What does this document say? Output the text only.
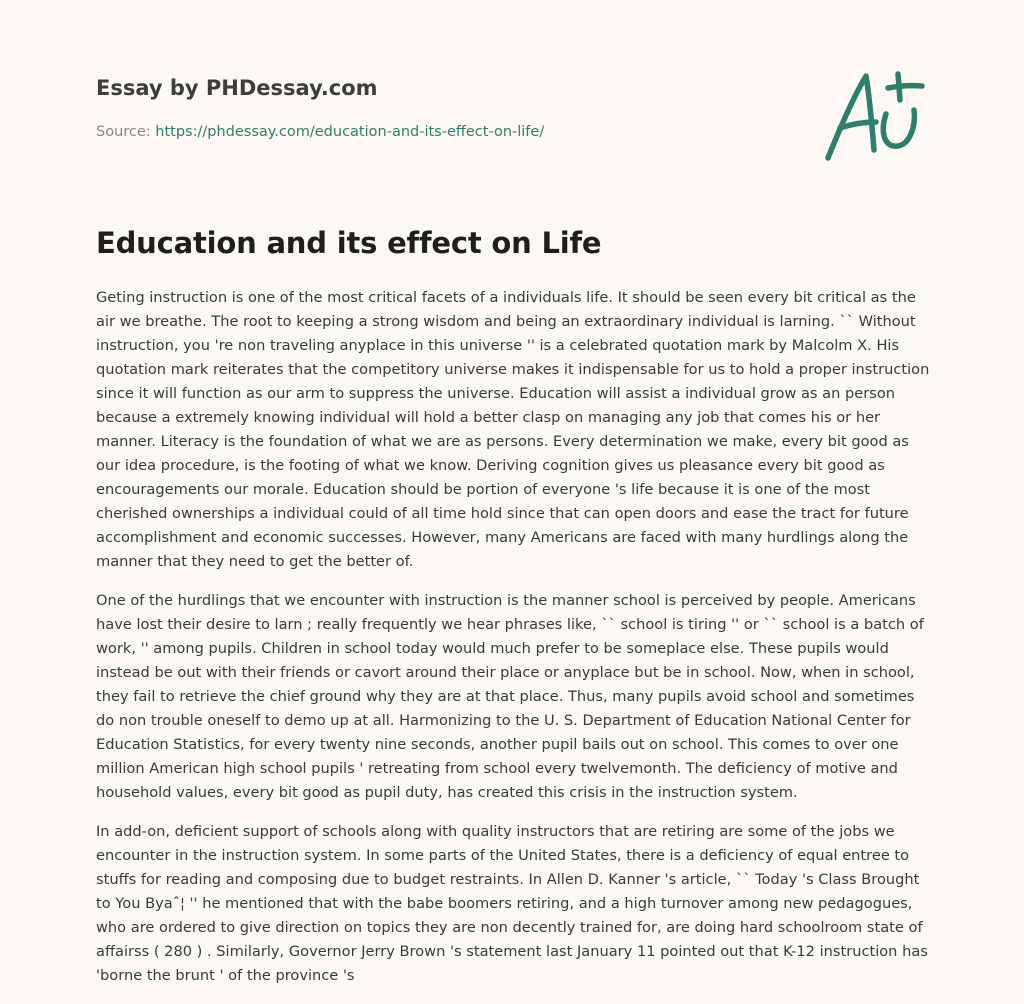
Essay by PHDessay.com
Source: https://phdessay.com/education-and-its-effect-on-life/
Education and its effect on Life

Geting instruction is one of the most critical facets of a individuals life. It should be seen every bit critical as the air we breathe. The root to keeping a strong wisdom and being an extraordinary individual is larning. `` Without instruction, you 're non traveling anyplace in this universe '' is a celebrated quotation mark by Malcolm X. His quotation mark reiterates that the competitory universe makes it indispensable for us to hold a proper instruction since it will function as our arm to suppress the universe. Education will assist a individual grow as an person because a extremely knowing individual will hold a better clasp on managing any job that comes his or her manner. Literacy is the foundation of what we are as persons. Every determination we make, every bit good as our idea procedure, is the footing of what we know. Deriving cognition gives us pleasance every bit good as encouragements our morale. Education should be portion of everyone 's life because it is one of the most cherished ownerships a individual could of all time hold since that can open doors and ease the tract for future accomplishment and economic successes. However, many Americans are faced with many hurdlings along the manner that they need to get the better of.

One of the hurdlings that we encounter with instruction is the manner school is perceived by people. Americans have lost their desire to larn ; really frequently we hear phrases like, `` school is tiring '' or `` school is a batch of work, '' among pupils. Children in school today would much prefer to be someplace else. These pupils would instead be out with their friends or cavort around their place or anyplace but be in school. Now, when in school, they fail to retrieve the chief ground why they are at that place. Thus, many pupils avoid school and sometimes do non trouble oneself to demo up at all. Harmonizing to the U. S. Department of Education National Center for Education Statistics, for every twenty nine seconds, another pupil bails out on school. This comes to over one million American high school pupils ' retreating from school every twelvemonth. The deficiency of motive and household values, every bit good as pupil duty, has created this crisis in the instruction system.

In add-on, deficient support of schools along with quality instructors that are retiring are some of the jobs we encounter in the instruction system. In some parts of the United States, there is a deficiency of equal entree to stuffs for reading and composing due to budget restraints. In Allen D. Kanner 's article, `` Today 's Class Brought to You Byaˆ¦ '' he mentioned that with the babe boomers retiring, and a high turnover among new pedagogues, who are ordered to give direction on topics they are non decently trained for, are doing hard schoolroom state of affairss ( 280 ) . Similarly, Governor Jerry Brown 's statement last January 11 pointed out that K-12 instruction has 'borne the brunt ' of the province 's
